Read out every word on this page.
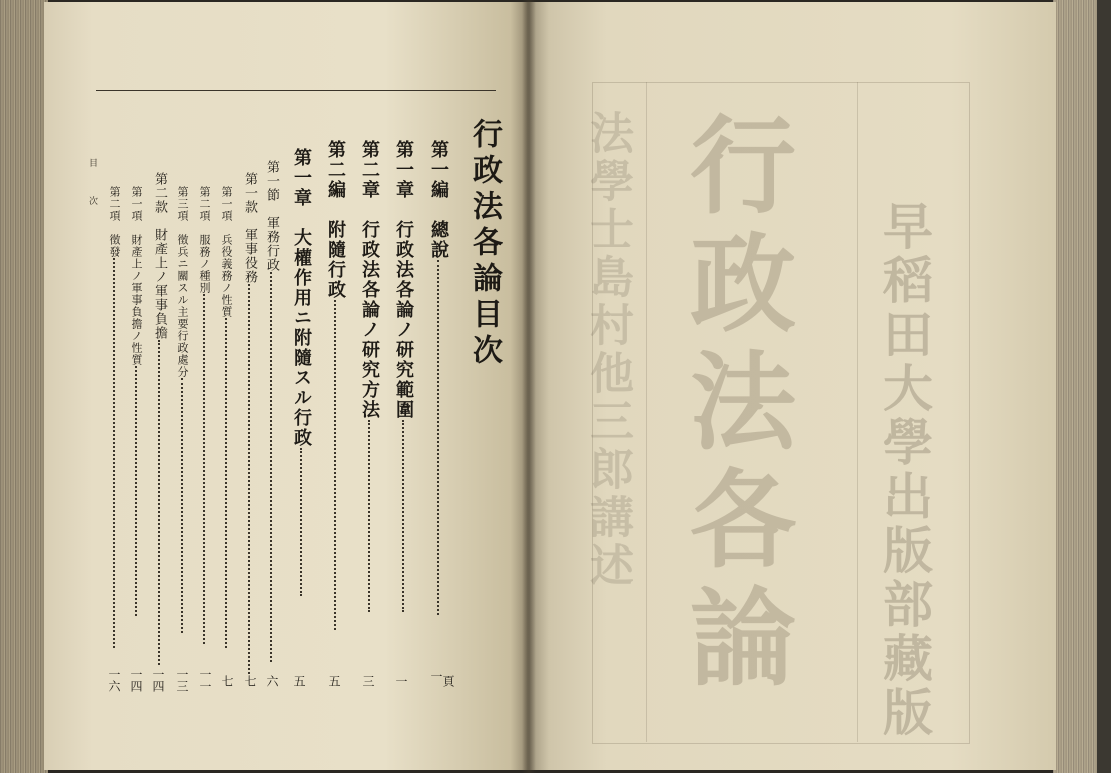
行政法各論目次
第一編　總說
第一章　行政法各論ノ研究範圍
第二章　行政法各論ノ研究方法
第二編　附隨行政
第一章　大權作用ニ附隨スル行政
第一節　軍務行政
第一款　軍事役務
第一項　兵役義務ノ性質
第二項　服務ノ種別
第三項　徵兵ニ關スル主要行政處分
第二款　財產上ノ軍事負擔
第一項　財產上ノ軍事負擔ノ性質
第二項　徵發
一
頁
一
三
五
五
六
七
七
一一
一三
一四
一四
一六
目
次	法學士島村他三郎講述 行政法各論 早稻田大學出版部藏版
